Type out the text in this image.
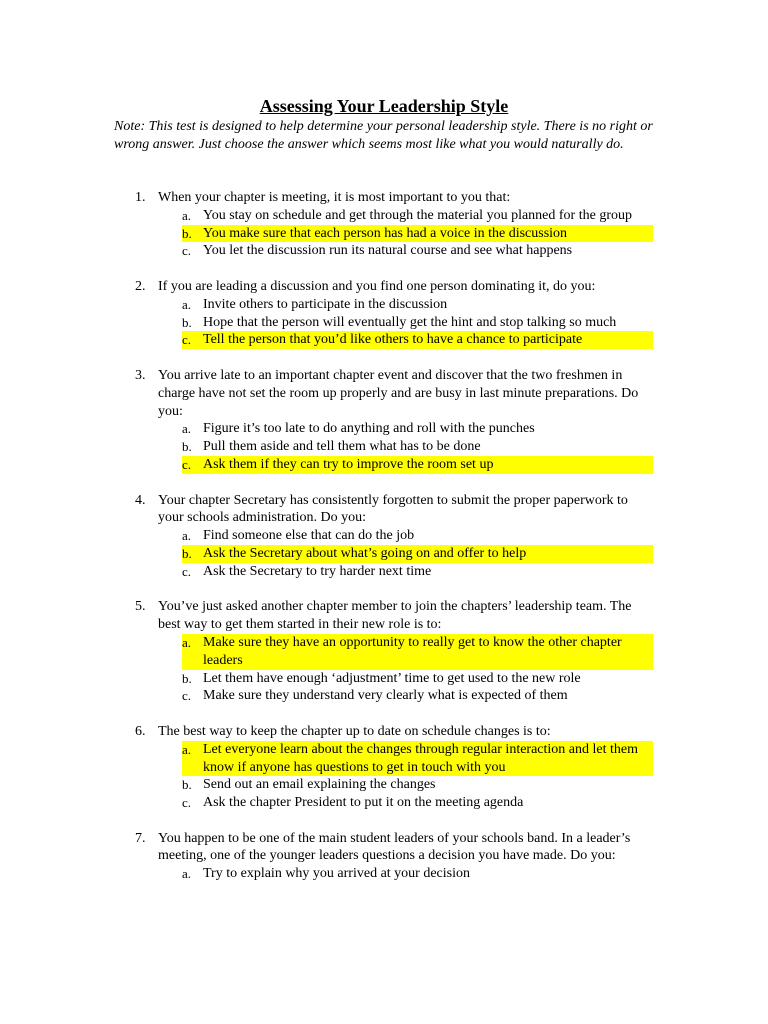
Assessing Your Leadership Style
Note: This test is designed to help determine your personal leadership style. There is no right or wrong answer. Just choose the answer which seems most like what you would naturally do.
1. When your chapter is meeting, it is most important to you that:
a. You stay on schedule and get through the material you planned for the group
b. You make sure that each person has had a voice in the discussion
c. You let the discussion run its natural course and see what happens
2. If you are leading a discussion and you find one person dominating it, do you:
a. Invite others to participate in the discussion
b. Hope that the person will eventually get the hint and stop talking so much
c. Tell the person that you’d like others to have a chance to participate
3. You arrive late to an important chapter event and discover that the two freshmen in charge have not set the room up properly and are busy in last minute preparations. Do you:
a. Figure it’s too late to do anything and roll with the punches
b. Pull them aside and tell them what has to be done
c. Ask them if they can try to improve the room set up
4. Your chapter Secretary has consistently forgotten to submit the proper paperwork to your schools administration. Do you:
a. Find someone else that can do the job
b. Ask the Secretary about what’s going on and offer to help
c. Ask the Secretary to try harder next time
5. You’ve just asked another chapter member to join the chapters’ leadership team. The best way to get them started in their new role is to:
a. Make sure they have an opportunity to really get to know the other chapter leaders
b. Let them have enough ‘adjustment’ time to get used to the new role
c. Make sure they understand very clearly what is expected of them
6. The best way to keep the chapter up to date on schedule changes is to:
a. Let everyone learn about the changes through regular interaction and let them know if anyone has questions to get in touch with you
b. Send out an email explaining the changes
c. Ask the chapter President to put it on the meeting agenda
7. You happen to be one of the main student leaders of your schools band. In a leader’s meeting, one of the younger leaders questions a decision you have made. Do you:
a. Try to explain why you arrived at your decision
